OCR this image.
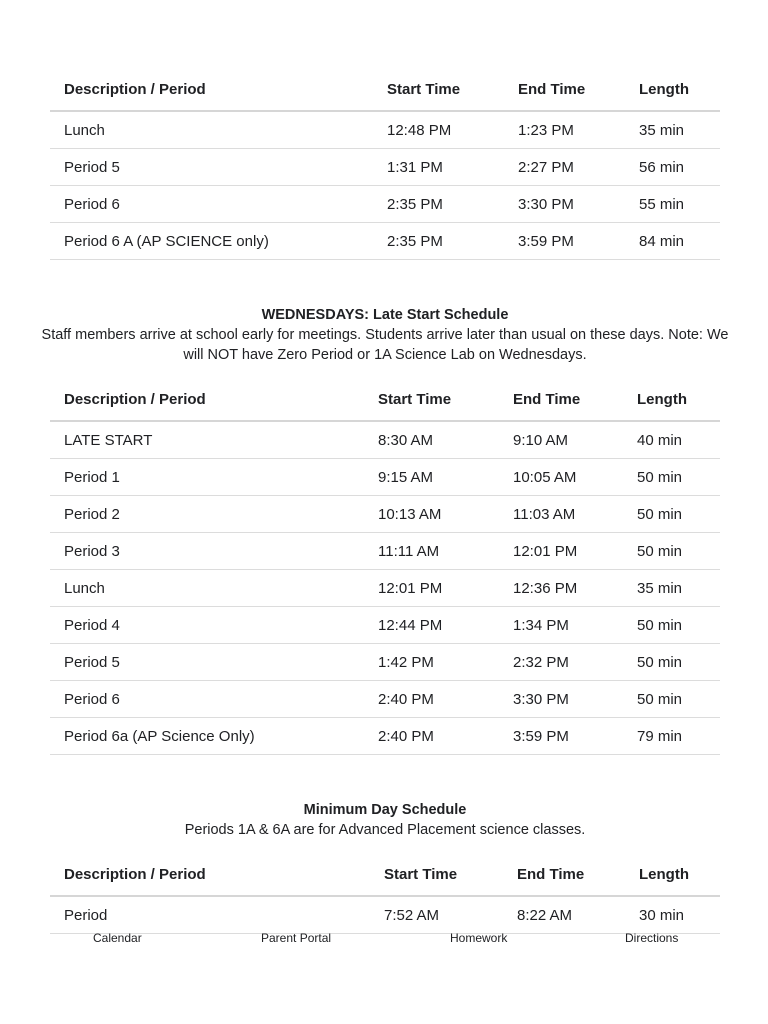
Description / Period	Start Time	End Time	Length
Lunch	12:48 PM	1:23 PM	35 min
Period 5	1:31 PM	2:27 PM	56 min
Period 6	2:35 PM	3:30 PM	55 min
Period 6 A (AP SCIENCE only)	2:35 PM	3:59 PM	84 min
WEDNESDAYS: Late Start Schedule
Staff members arrive at school early for meetings. Students arrive later than usual on these days. Note: We will NOT have Zero Period or 1A Science Lab on Wednesdays.
Description / Period	Start Time	End Time	Length
LATE START	8:30 AM	9:10 AM	40 min
Period 1	9:15 AM	10:05 AM	50 min
Period 2	10:13 AM	11:03 AM	50 min
Period 3	11:11 AM	12:01 PM	50 min
Lunch	12:01 PM	12:36 PM	35 min
Period 4	12:44 PM	1:34 PM	50 min
Period 5	1:42 PM	2:32 PM	50 min
Period 6	2:40 PM	3:30 PM	50 min
Period 6a (AP Science Only)	2:40 PM	3:59 PM	79 min
Minimum Day Schedule
Periods 1A & 6A are for Advanced Placement science classes.
Description / Period	Start Time	End Time	Length
Period	7:52 AM	8:22 AM	30 min
Calendar	Parent Portal	Homework	Directions
